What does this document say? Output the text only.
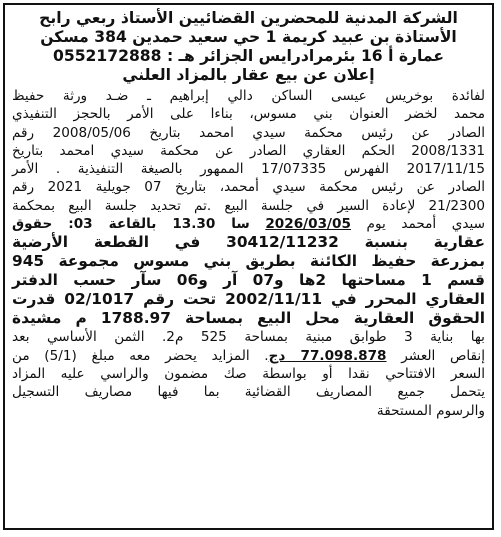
الشركة المدنية للمحضرين القضائيين الأستاذ ربعي رابح
الأستاذة بن عبيد كريمة 1 حي سعيد حمدين 384 مسكن
عمارة أ 16 بئرمرادرايس الجزائر هـ : 0552172888
إعلان عن بيع عقار بالمزاد العلني
لفائدة بوخريس عيسى الساكن دالي إبراهيم ـ ضـد ورثة حفيظ
محمد لخضر العنوان بني مسوس، بناءا على الأمر بالحجز التنفيذي
الصادر عن رئيس محكمة سيدي امحمد بتاريخ 2008/05/06 رقم
2008/1331 الحكم العقاري الصادر عن محكمة سيدي امحمد بتاريخ
2017/11/15 الفهرس 17/07335 الممهور بالصيغة التنفيذية . الأمر
الصادر عن رئيس محكمة سيدي أمحمد، بتاريخ 07 جويلية 2021 رقم
21/2300 لإعادة السير في جلسة البيع .تم تحديد جلسة البيع بمحكمة
سيدي أمحمد يوم 2026/03/05 سا 13.30 بالقاعة 03: حقوق
عقارية بنسبة 30412/11232 في القطعة الأرضية
بمزرعة حفيظ الكائنة بطريق بني مسوس مجموعة 945
قسم 1 مساحتها 2ها و07 آر و06 سآر حسب الدفتر
العقاري المحرر في 2002/11/11 تحت رقم 02/1017 قدرت
الحقوق العقارية محل البيع بمساحة 1788.97 م مشيدة
بها بناية 3 طوابق مبنية بمساحة 525 م2. الثمن الأساسي بعد
إنقاص العشر 77.098.878 دج. المزايد يحضر معه مبلغ (5/1) من
السعر الافتتاحي نقدا أو بواسطة صك مضمون والراسي عليه المزاد
يتحمل جميع المصاريف القضائية بما فيها مصاريف التسجيل
والرسوم المستحقة
